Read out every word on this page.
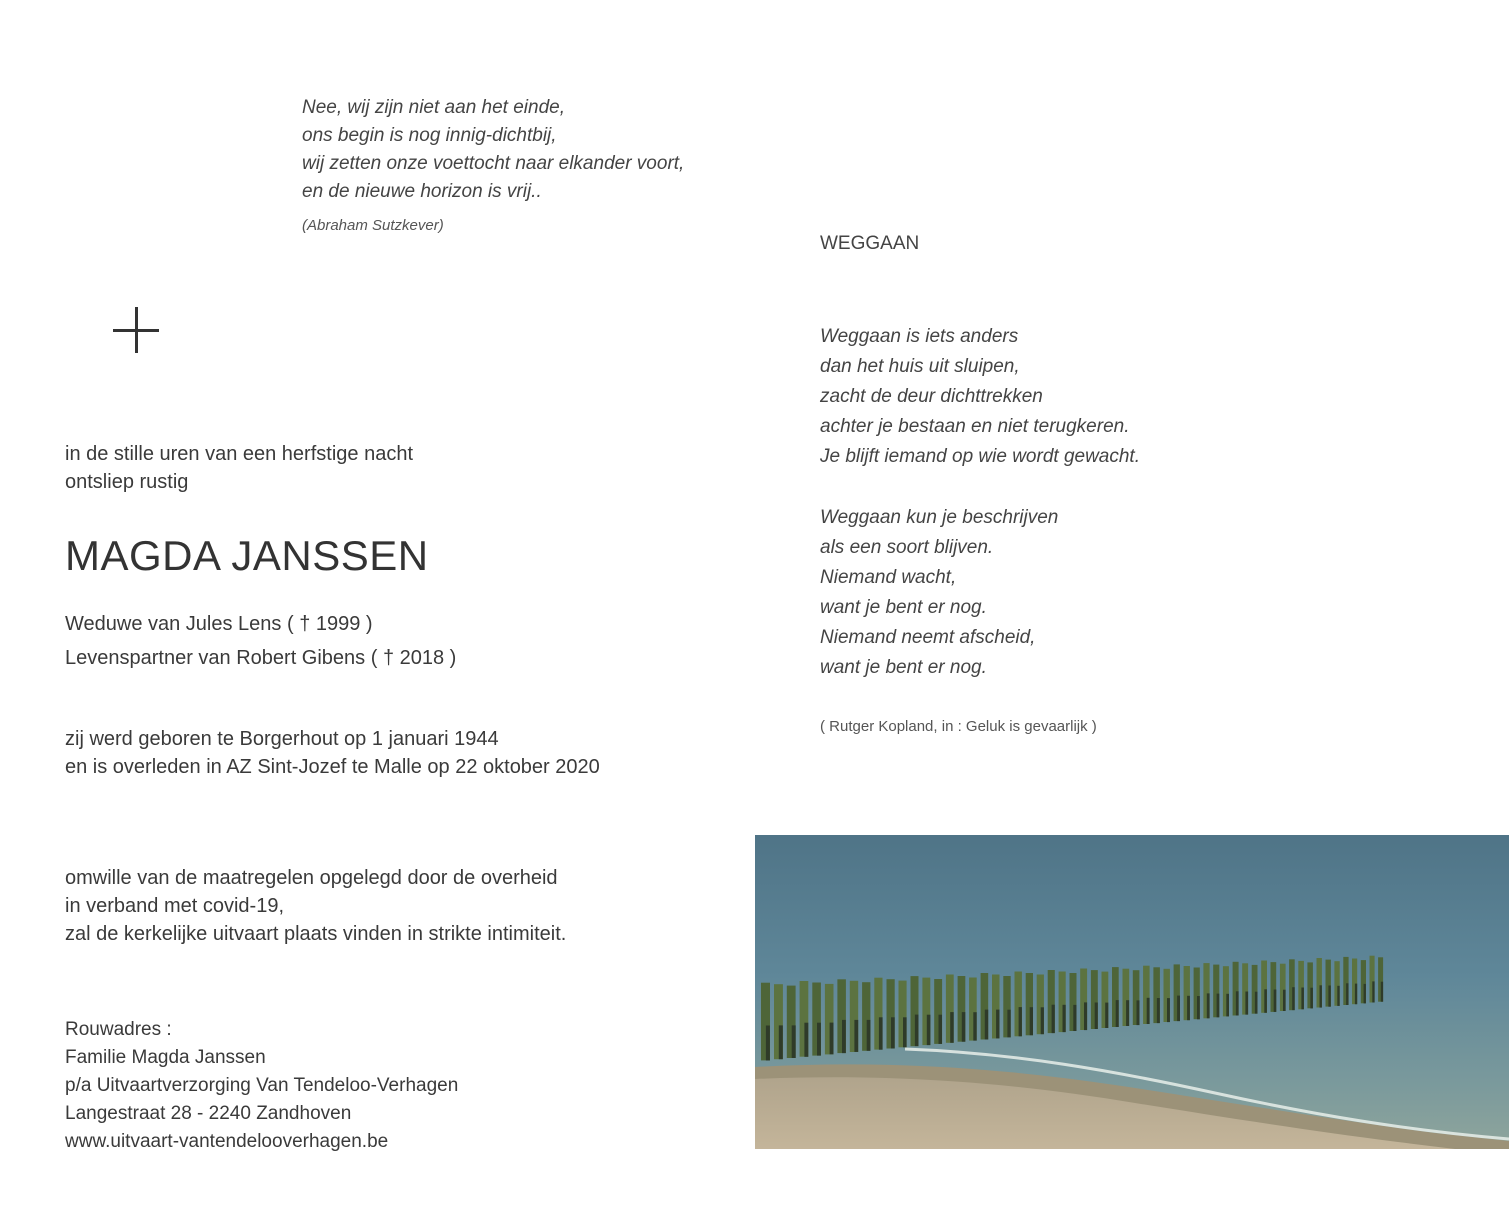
Nee, wij zijn niet aan het einde,
ons begin is nog innig-dichtbij,
wij zetten onze voettocht naar elkander voort,
en de nieuwe horizon is vrij..
(Abraham Sutzkever)
in de stille uren van een herfstige nacht
ontsliep rustig
MAGDA JANSSEN
Weduwe van Jules Lens ( † 1999 )
Levenspartner van Robert Gibens ( † 2018 )
zij werd geboren te Borgerhout op 1 januari 1944
en is overleden in AZ Sint-Jozef te Malle op 22 oktober 2020
omwille van de maatregelen opgelegd door de overheid
in verband met covid-19,
zal de kerkelijke uitvaart plaats vinden in strikte intimiteit.
Rouwadres :
Familie Magda Janssen
p/a Uitvaartverzorging Van Tendeloo-Verhagen
Langestraat 28 - 2240 Zandhoven
www.uitvaart-vantendelooverhagen.be
WEGGAAN
Weggaan is iets anders
dan het huis uit sluipen,
zacht de deur dichttrekken
achter je bestaan en niet terugkeren.
Je blijft iemand op wie wordt gewacht.
Weggaan kun je beschrijven
als een soort blijven.
Niemand wacht,
want je bent er nog.
Niemand neemt afscheid,
want je bent er nog.
( Rutger Kopland, in : Geluk is gevaarlijk )
